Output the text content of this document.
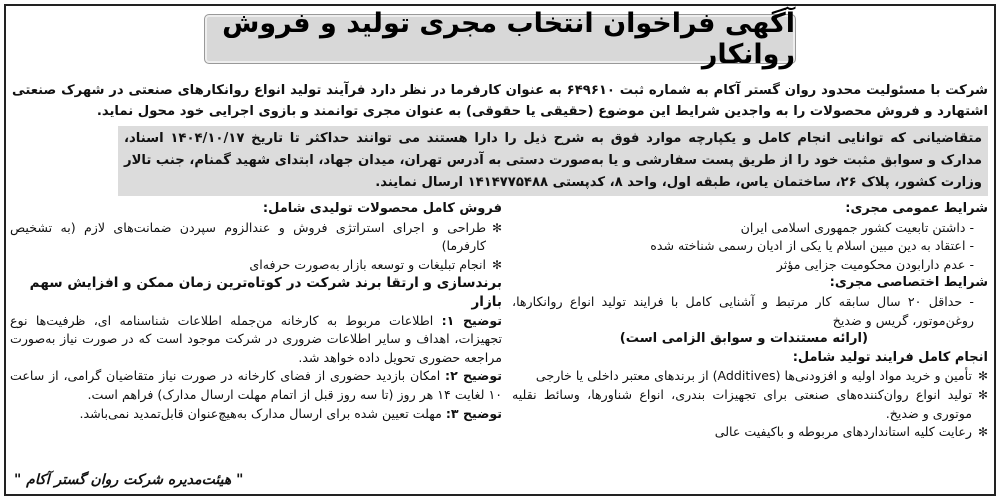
آگهی فراخوان انتخاب مجری تولید و فروش روانکار

شرکت با مسئولیت محدود روان گستر آکام به شماره ثبت ۶۴۹۶۱۰ به عنوان کارفرما در نظر دارد فرآیند تولید انواع روانکارهای صنعتی در شهرک صنعتی اشتهارد و فروش محصولات را به واجدین شرایط این موضوع (حقیقی یا حقوقی) به عنوان مجری توانمند و بازوی اجرایی خود محول نماید.

متقاضیانی که توانایی انجام کامل و یکپارچه موارد فوق به شرح ذیل را دارا هستند می توانند حداکثر تا تاریخ ۱۴۰۴/۱۰/۱۷ اسناد، مدارک و سوابق مثبت خود را از طریق پست سفارشی و یا به‌صورت دستی به آدرس تهران، میدان جهاد، ابتدای شهید گمنام، جنب تالار وزارت کشور، پلاک ۲۶، ساختمان یاس، طبقه اول، واحد ۸، کدپستی ۱۴۱۴۷۷۵۴۸۸ ارسال نمایند.

شرایط عمومی مجری:
- داشتن تابعیت کشور جمهوری اسلامی ایران
- اعتقاد به دین مبین اسلام یا یکی از ادیان رسمی شناخته شده
- عدم دارابودن محکومیت جزایی مؤثر
شرایط اختصاصی مجری:
- حداقل ۲۰ سال سابقه کار مرتبط و آشنایی کامل با فرایند تولید انواع روانکارها، روغن‌موتور، گریس و ضدیخ
(ارائه مستندات و سوابق الزامی است)
انجام کامل فرایند تولید شامل:
✻
تأمین و خرید مواد اولیه و افزودنی‌ها (Additives) از برندهای معتبر داخلی یا خارجی
✻
تولید انواع روان‌کننده‌های صنعتی برای تجهیزات بندری، انواع شناورها، وسائط نقلیه موتوری و ضدیخ.
✻
رعایت کلیه استانداردهای مربوطه و باکیفیت عالی
فروش کامل محصولات تولیدی شامل:
✻
طراحی و اجرای استراتژی فروش و عندالزوم سپردن ضمانت‌های لازم (به تشخیص کارفرما)
✻
انجام تبلیغات و توسعه بازار به‌صورت حرفه‌ای
برندسازی و ارتقا برند شرکت در کوتاه‌ترین زمان ممکن و افزایش سهم بازار
توضیح ۱: اطلاعات مربوط به کارخانه من‌جمله اطلاعات شناسنامه ای، ظرفیت‌ها نوع تجهیزات، اهداف و سایر اطلاعات ضروری در شرکت موجود است که در صورت نیاز به‌صورت مراجعه حضوری تحویل داده خواهد شد.
توضیح ۲: امکان بازدید حضوری از فضای کارخانه در صورت نیاز متقاضیان گرامی، از ساعت ۱۰ لغایت ۱۴ هر روز (تا سه روز قبل از اتمام مهلت ارسال مدارک) فراهم است.
توضیح ۳: مهلت تعیین شده برای ارسال مدارک به‌هیچ‌عنوان قابل‌تمدید نمی‌باشد.
" هیئت‌مدیره شرکت روان گستر آکام "
